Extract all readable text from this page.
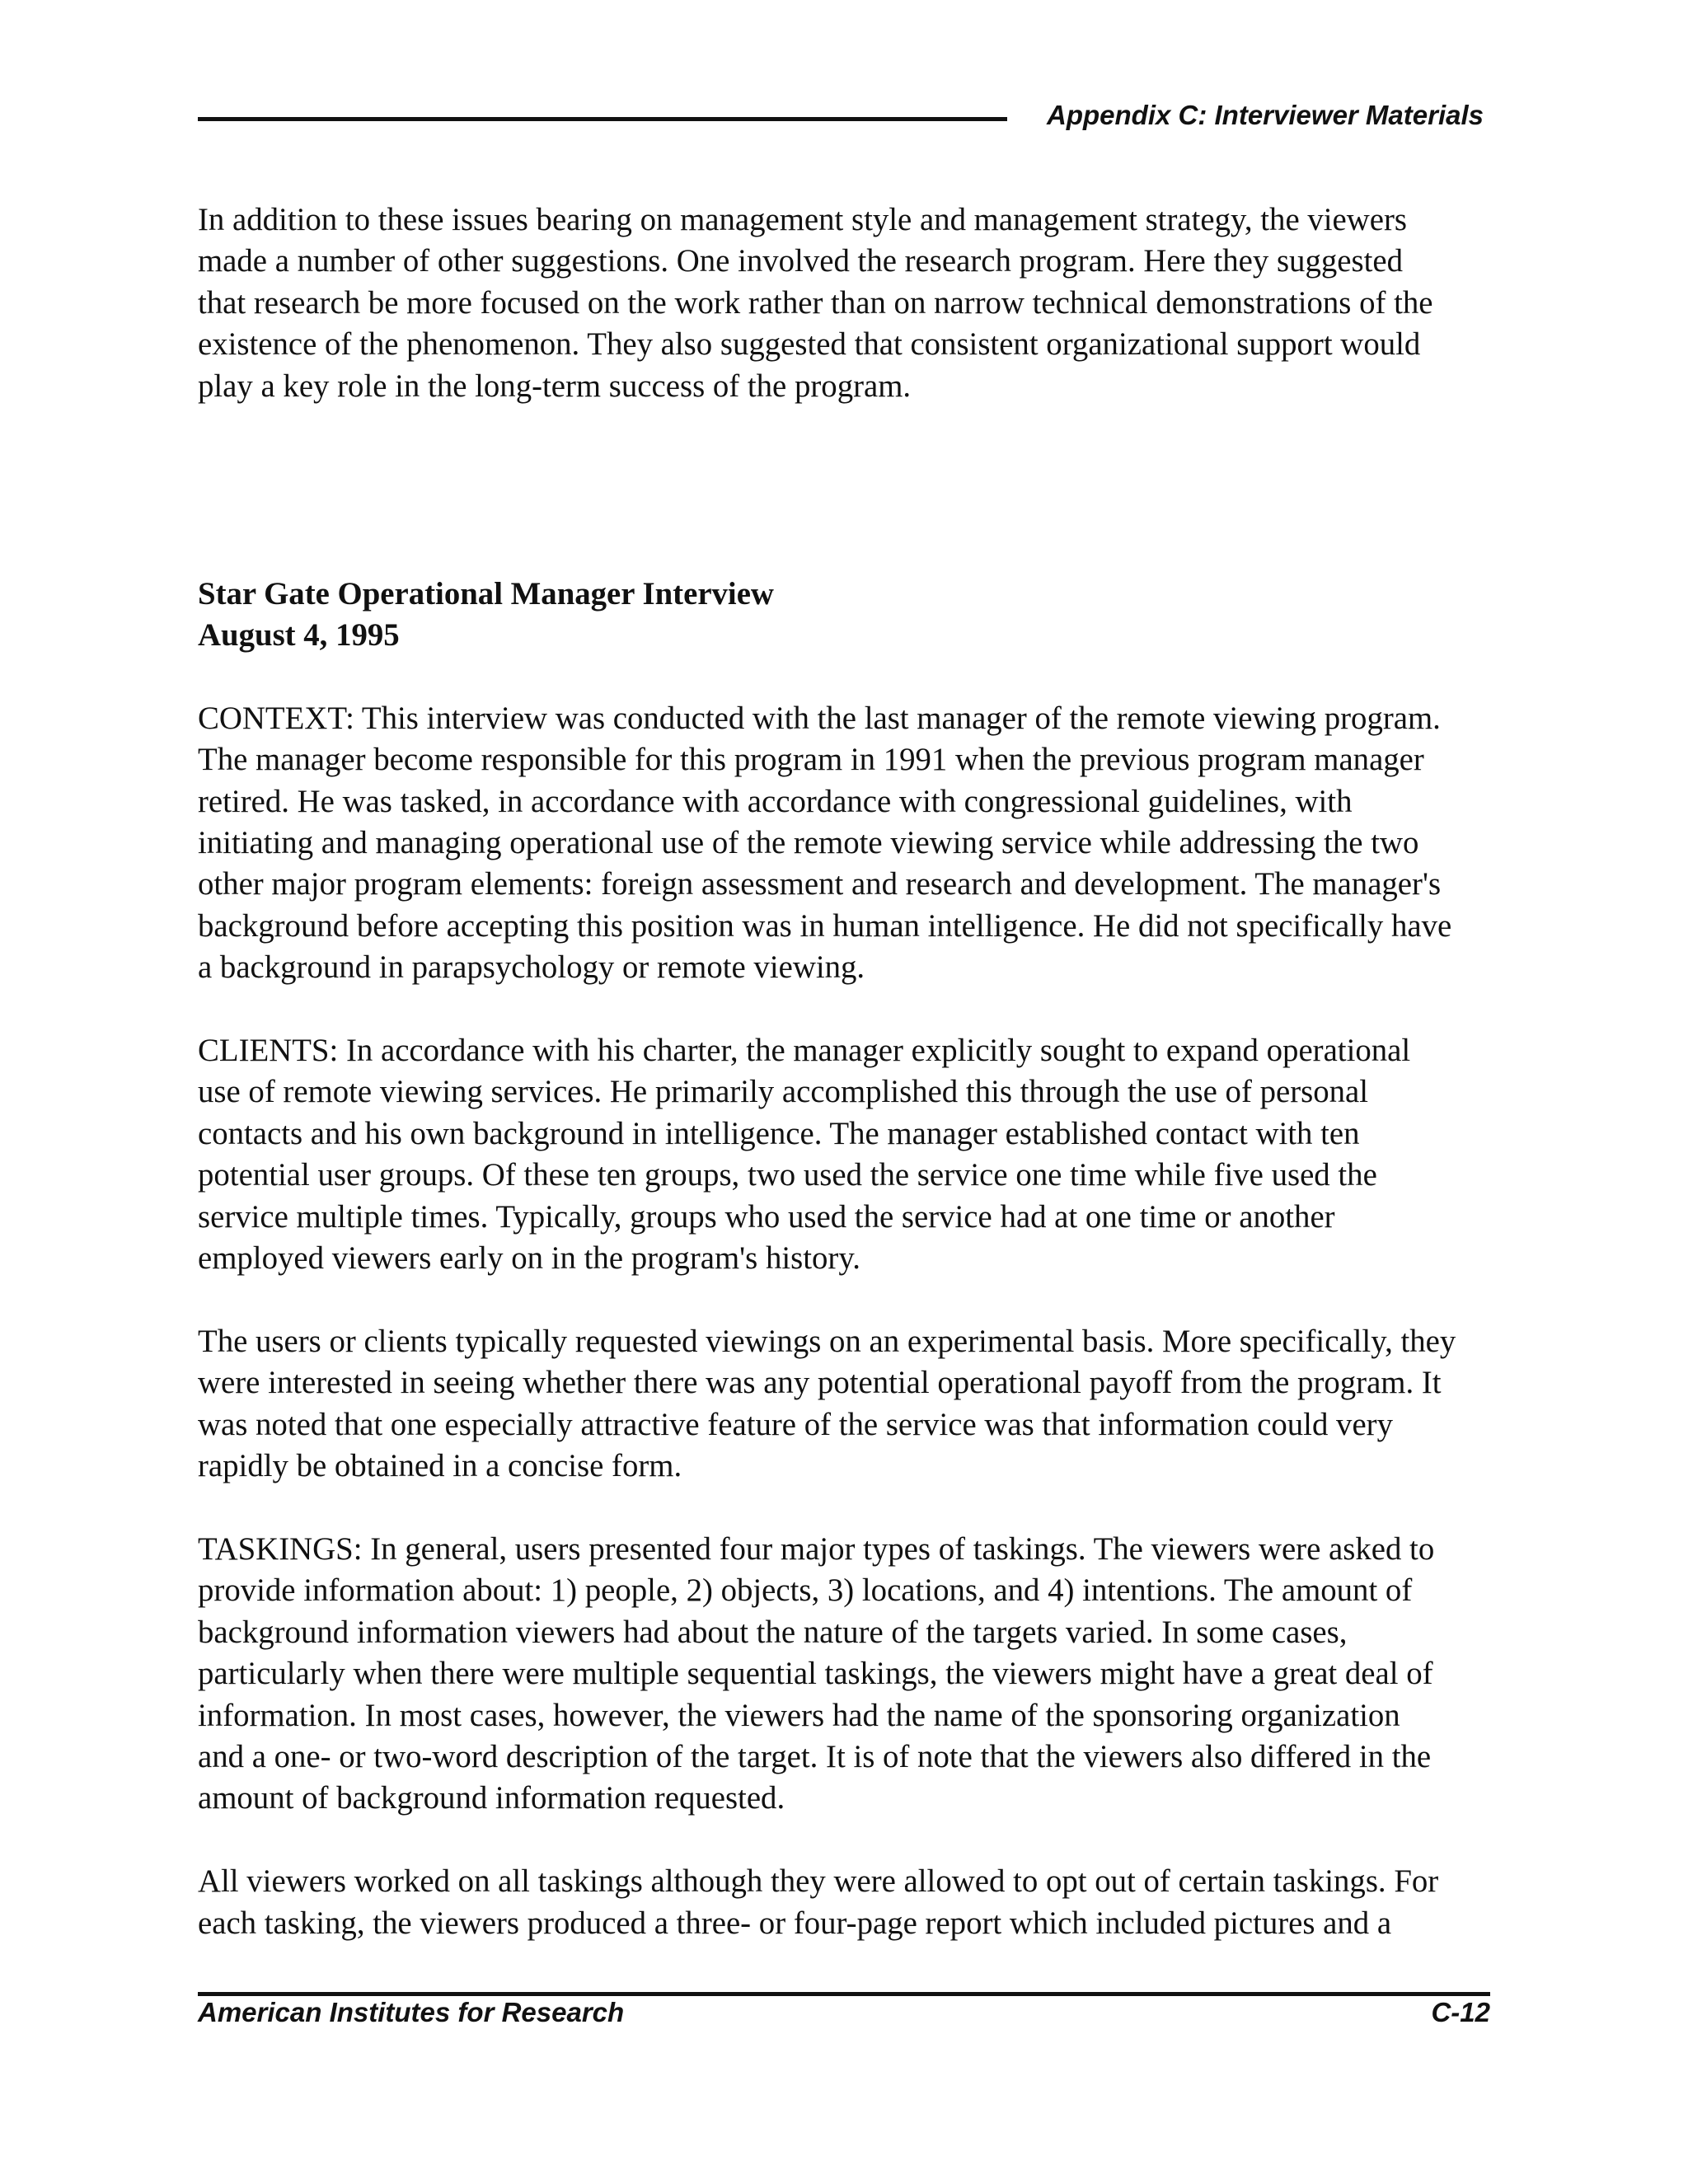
Appendix C: Interviewer Materials

In addition to these issues bearing on management style and management strategy, the viewers
made a number of other suggestions. One involved the research program. Here they suggested
that research be more focused on the work rather than on narrow technical demonstrations of the
existence of the phenomenon. They also suggested that consistent organizational support would
play a key role in the long-term success of the program.

Star Gate Operational Manager Interview
August 4, 1995

CONTEXT: This interview was conducted with the last manager of the remote viewing program.
The manager become responsible for this program in 1991 when the previous program manager
retired. He was tasked, in accordance with accordance with congressional guidelines, with
initiating and managing operational use of the remote viewing service while addressing the two
other major program elements: foreign assessment and research and development. The manager's
background before accepting this position was in human intelligence. He did not specifically have
a background in parapsychology or remote viewing.

CLIENTS: In accordance with his charter, the manager explicitly sought to expand operational
use of remote viewing services. He primarily accomplished this through the use of personal
contacts and his own background in intelligence. The manager established contact with ten
potential user groups. Of these ten groups, two used the service one time while five used the
service multiple times. Typically, groups who used the service had at one time or another
employed viewers early on in the program's history.

The users or clients typically requested viewings on an experimental basis. More specifically, they
were interested in seeing whether there was any potential operational payoff from the program. It
was noted that one especially attractive feature of the service was that information could very
rapidly be obtained in a concise form.

TASKINGS: In general, users presented four major types of taskings. The viewers were asked to
provide information about: 1) people, 2) objects, 3) locations, and 4) intentions. The amount of
background information viewers had about the nature of the targets varied. In some cases,
particularly when there were multiple sequential taskings, the viewers might have a great deal of
information. In most cases, however, the viewers had the name of the sponsoring organization
and a one- or two-word description of the target. It is of note that the viewers also differed in the
amount of background information requested.

All viewers worked on all taskings although they were allowed to opt out of certain taskings. For
each tasking, the viewers produced a three- or four-page report which included pictures and a

American Institutes for Research	C-12
